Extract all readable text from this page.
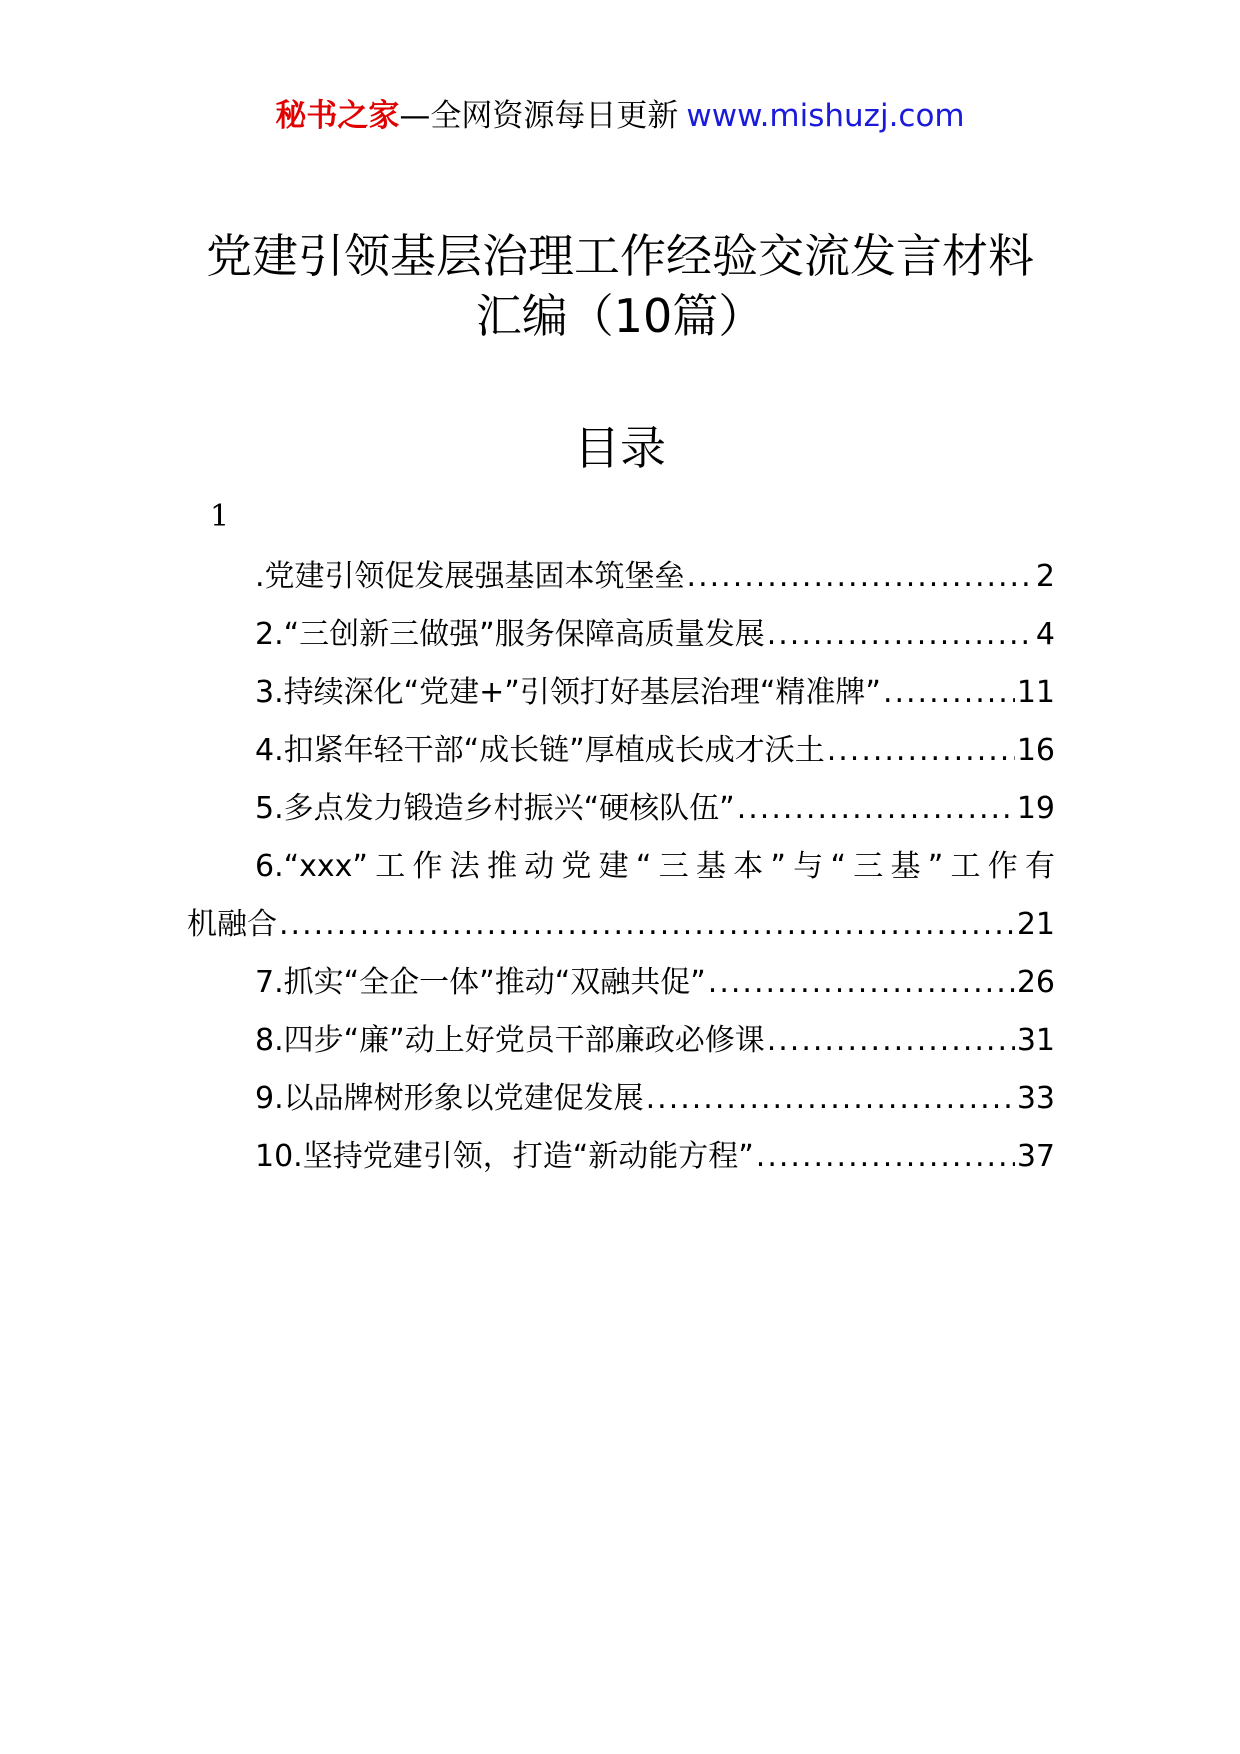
秘书之家—全网资源每日更新 www.mishuzj.com
党建引领基层治理工作经验交流发言材料
汇编（10篇）
目录
1
.党建引领促发展强基固本筑堡垒 .....	2
2.“三创新三做强”服务保障高质量发展 .....	4
3.持续深化“党建+”引领打好基层治理“精准牌” .....	11
4.扣紧年轻干部“成长链”厚植成长成才沃土 .....	16
5.多点发力锻造乡村振兴“硬核队伍” .....	19
6.“xxx”工作法推动党建“三基本”与“三基”工作有
机融合 .....	21
7.抓实“全企一体”推动“双融共促” .....	26
8.四步“廉”动上好党员干部廉政必修课 .....	31
9.以品牌树形象以党建促发展 .....	33
10.坚持党建引领，打造“新动能方程” .....	37
